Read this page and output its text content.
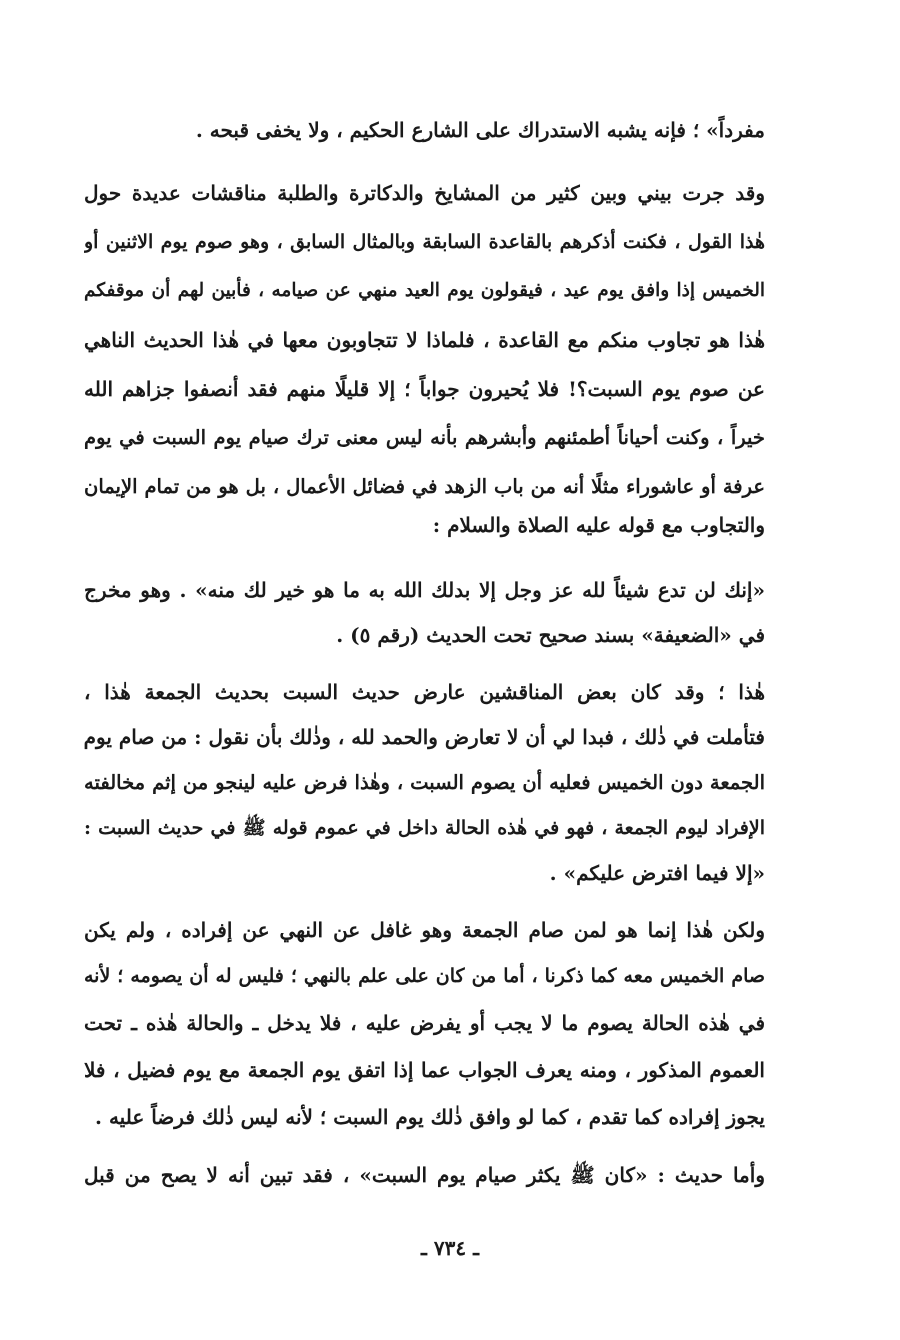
مفرداً» ؛ فإنه يشبه الاستدراك على الشارع الحكيم ، ولا يخفى قبحه .
وقد جرت بيني وبين كثير من المشايخ والدكاترة والطلبة مناقشات عديدة حول
هٰذا القول ، فكنت أذكرهم بالقاعدة السابقة وبالمثال السابق ، وهو صوم يوم الاثنين أو
الخميس إذا وافق يوم عيد ، فيقولون يوم العيد منهي عن صيامه ، فأبين لهم أن موقفكم
هٰذا هو تجاوب منكم مع القاعدة ، فلماذا لا تتجاوبون معها في هٰذا الحديث الناهي
عن صوم يوم السبت؟! فلا يُحيرون جواباً ؛ إلا قليلًا منهم فقد أنصفوا جزاهم الله
خيراً ، وكنت أحياناً أطمئنهم وأبشرهم بأنه ليس معنى ترك صيام يوم السبت في يوم
عرفة أو عاشوراء مثلًا أنه من باب الزهد في فضائل الأعمال ، بل هو من تمام الإيمان
والتجاوب مع قوله عليه الصلاة والسلام :
«إنك لن تدع شيئاً لله عز وجل إلا بدلك الله به ما هو خير لك منه» . وهو مخرج
في «الضعيفة» بسند صحيح تحت الحديث (رقم ٥) .
هٰذا ؛ وقد كان بعض المناقشين عارض حديث السبت بحديث الجمعة هٰذا ،
فتأملت في ذٰلك ، فبدا لي أن لا تعارض والحمد لله ، وذٰلك بأن نقول : من صام يوم
الجمعة دون الخميس فعليه أن يصوم السبت ، وهٰذا فرض عليه لينجو من إثم مخالفته
الإفراد ليوم الجمعة ، فهو في هٰذه الحالة داخل في عموم قوله ﷺ في حديث السبت :
«إلا فيما افترض عليكم» .
ولكن هٰذا إنما هو لمن صام الجمعة وهو غافل عن النهي عن إفراده ، ولم يكن
صام الخميس معه كما ذكرنا ، أما من كان على علم بالنهي ؛ فليس له أن يصومه ؛ لأنه
في هٰذه الحالة يصوم ما لا يجب أو يفرض عليه ، فلا يدخل ـ والحالة هٰذه ـ تحت
العموم المذكور ، ومنه يعرف الجواب عما إذا اتفق يوم الجمعة مع يوم فضيل ، فلا
يجوز إفراده كما تقدم ، كما لو وافق ذٰلك يوم السبت ؛ لأنه ليس ذٰلك فرضاً عليه .
وأما حديث : «كان ﷺ يكثر صيام يوم السبت» ، فقد تبين أنه لا يصح من قبل
ـ ٧٣٤ ـ
